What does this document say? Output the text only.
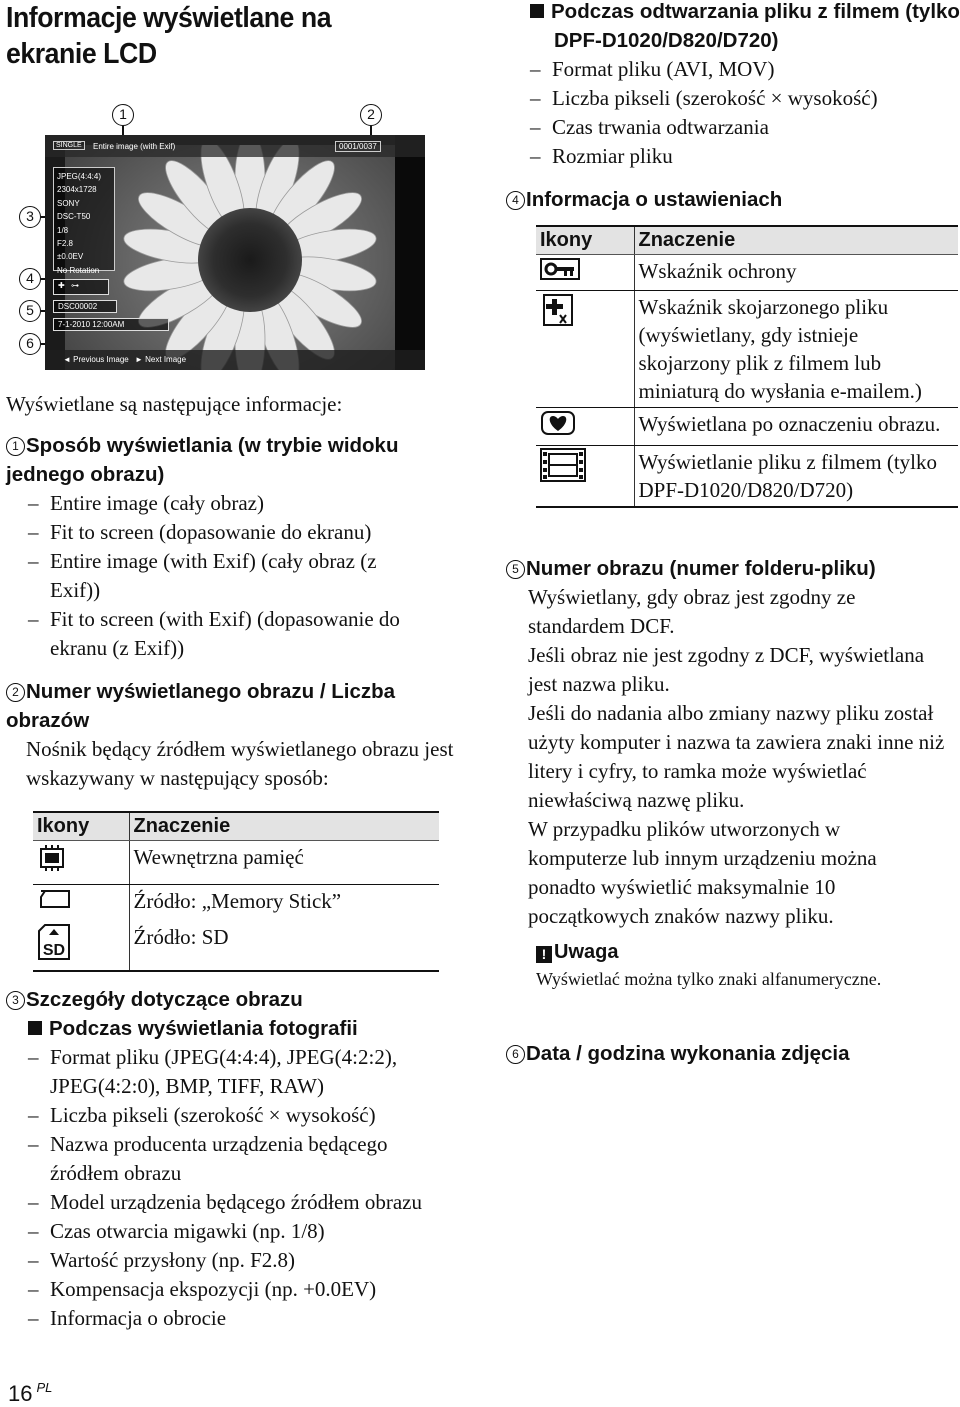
Informacje wyświetlane na ekranie LCD
1	2
3
4
5
6
SINGLE	Entire image (with Exif)	0001/0037
JPEG(4:4:4)
2304x1728
SONY
DSC-T50
1/8
F2.8
±0.0EV
No Rotation
✚ ⊶
DSC00002
7-1-2010 12:00AM
◄ Previous Image ► Next Image
Wyświetlane są następujące informacje:
1 Sposób wyświetlania (w trybie widoku jednego obrazu)
– Entire image (cały obraz)
– Fit to screen (dopasowanie do ekranu)
– Entire image (with Exif) (cały obraz (z Exif))
– Fit to screen (with Exif) (dopasowanie do ekranu (z Exif))
2 Numer wyświetlanego obrazu / Liczba obrazów
Nośnik będący źródłem wyświetlanego obrazu jest wskazywany w następujący sposób:
Ikony	Znaczenie
	Wewnętrzna pamięć
	Źródło: „Memory Stick”

SD	Źródło: SD
3 Szczegóły dotyczące obrazu
Podczas wyświetlania fotografii
– Format pliku (JPEG(4:4:4), JPEG(4:2:2), JPEG(4:2:0), BMP, TIFF, RAW)
– Liczba pikseli (szerokość × wysokość)
– Nazwa producenta urządzenia będącego źródłem obrazu
– Model urządzenia będącego źródłem obrazu
– Czas otwarcia migawki (np. 1/8)
– Wartość przysłony (np. F2.8)
– Kompensacja ekspozycji (np. +0.0EV)
– Informacja o obrocie
16 $^{PL}$
Podczas odtwarzania pliku z filmem (tylko DPF-D1020/D820/D720)
– Format pliku (AVI, MOV)
– Liczba pikseli (szerokość × wysokość)
– Czas trwania odtwarzania
– Rozmiar pliku
4 Informacja o ustawieniach
Ikony	Znaczenie
	Wskaźnik ochrony
	Wskaźnik skojarzonego pliku (wyświetlany, gdy istnieje skojarzony plik z filmem lub miniaturą do wysłania e-mailem.)
	Wyświetlana po oznaczeniu obrazu.
	Wyświetlanie pliku z filmem (tylko DPF-D1020/D820/D720)
5 Numer obrazu (numer folderu-pliku)
Wyświetlany, gdy obraz jest zgodny ze standardem DCF.
Jeśli obraz nie jest zgodny z DCF, wyświetlana jest nazwa pliku.
Jeśli do nadania albo zmiany nazwy pliku został użyty komputer i nazwa ta zawiera znaki inne niż litery i cyfry, to ramka może wyświetlać niewłaściwą nazwę pliku.
W przypadku plików utworzonych w komputerze lub innym urządzeniu można ponadto wyświetlić maksymalnie 10 początkowych znaków nazwy pliku.
! Uwaga
Wyświetlać można tylko znaki alfanumeryczne.
6 Data / godzina wykonania zdjęcia
